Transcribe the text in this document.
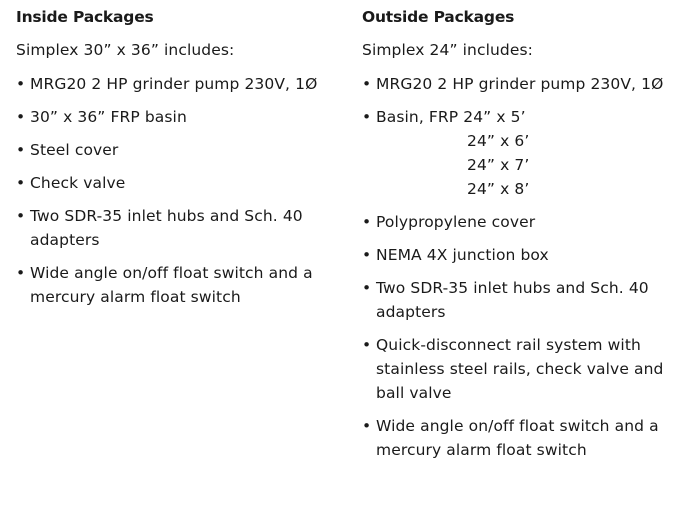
Inside Packages

Simplex 30” x 36” includes:

• MRG20 2 HP grinder pump 230V, 1Ø
• 30” x 36” FRP basin
• Steel cover
• Check valve
• Two SDR-35 inlet hubs and Sch. 40 adapters
• Wide angle on/off float switch and a mercury alarm float switch
Outside Packages

Simplex 24” includes:

• MRG20 2 HP grinder pump 230V, 1Ø
• Basin, FRP 24” x 5’
24” x 6’
24” x 7’
24” x 8’
• Polypropylene cover
• NEMA 4X junction box
• Two SDR-35 inlet hubs and Sch. 40 adapters
• Quick-disconnect rail system with stainless steel rails, check valve and ball valve
• Wide angle on/off float switch and a mercury alarm float switch
